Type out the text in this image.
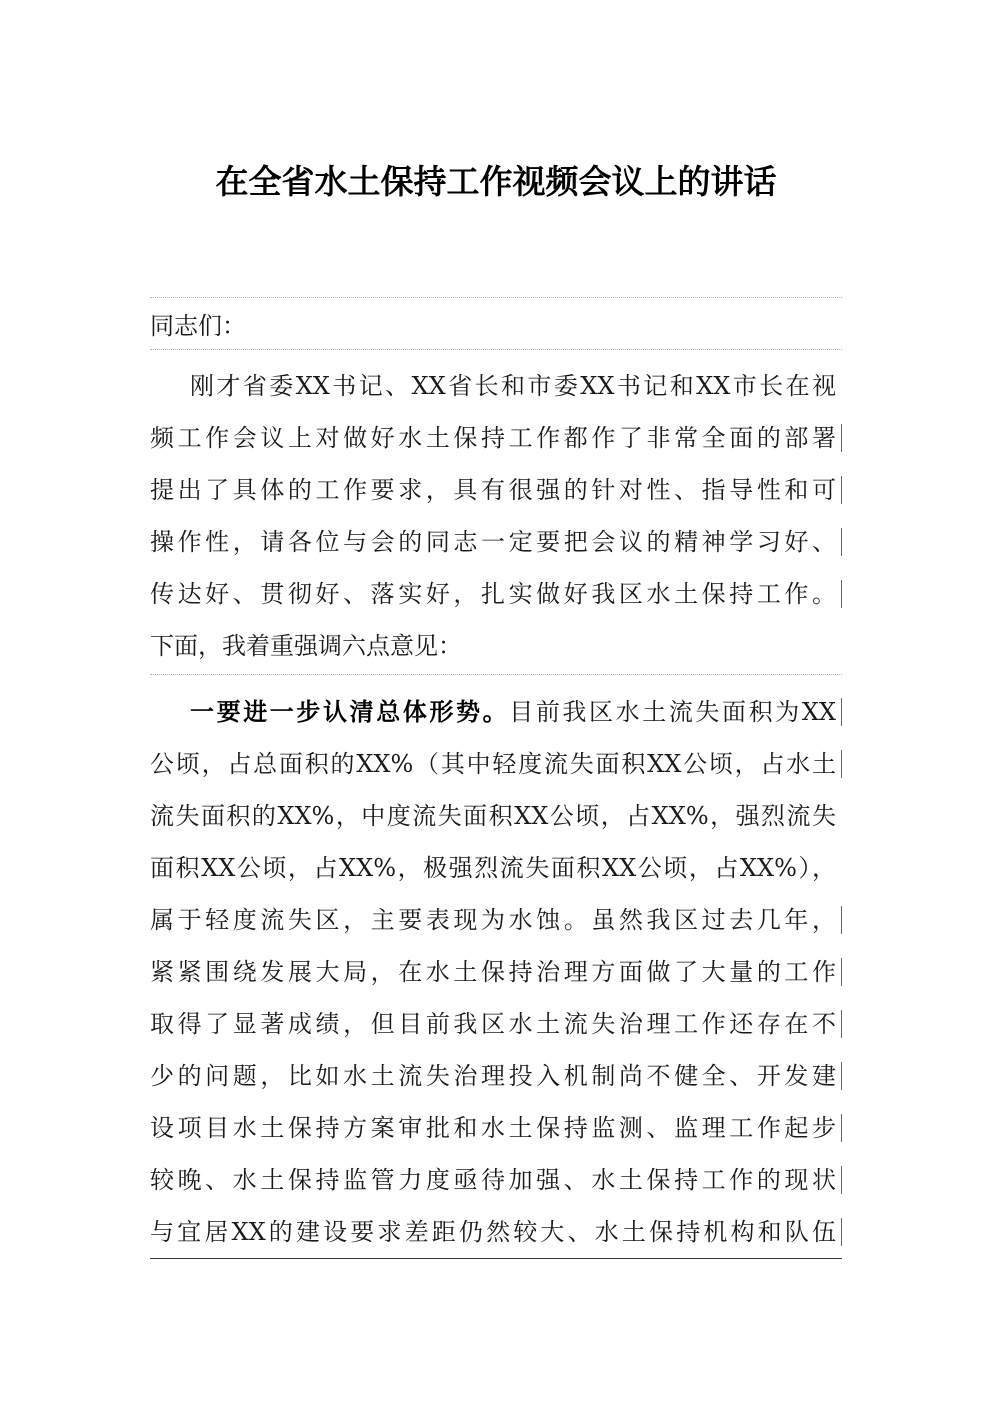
在全省水土保持工作视频会议上的讲话
同志们：
刚才省委XX书记、XX省长和市委XX书记和XX市长在视
频工作会议上对做好水土保持工作都作了非常全面的部署
提出了具体的工作要求，具有很强的针对性、指导性和可
操作性，请各位与会的同志一定要把会议的精神学习好、
传达好、贯彻好、落实好，扎实做好我区水土保持工作。
下面，我着重强调六点意见：
一要进一步认清总体形势。目前我区水土流失面积为XX
公顷，占总面积的XX%（其中轻度流失面积XX公顷，占水土
流失面积的XX%，中度流失面积XX公顷，占XX%，强烈流失
面积XX公顷，占XX%，极强烈流失面积XX公顷，占XX%），
属于轻度流失区，主要表现为水蚀。虽然我区过去几年，
紧紧围绕发展大局，在水土保持治理方面做了大量的工作
取得了显著成绩，但目前我区水土流失治理工作还存在不
少的问题，比如水土流失治理投入机制尚不健全、开发建
设项目水土保持方案审批和水土保持监测、监理工作起步
较晚、水土保持监管力度亟待加强、水土保持工作的现状
与宜居XX的建设要求差距仍然较大、水土保持机构和队伍
